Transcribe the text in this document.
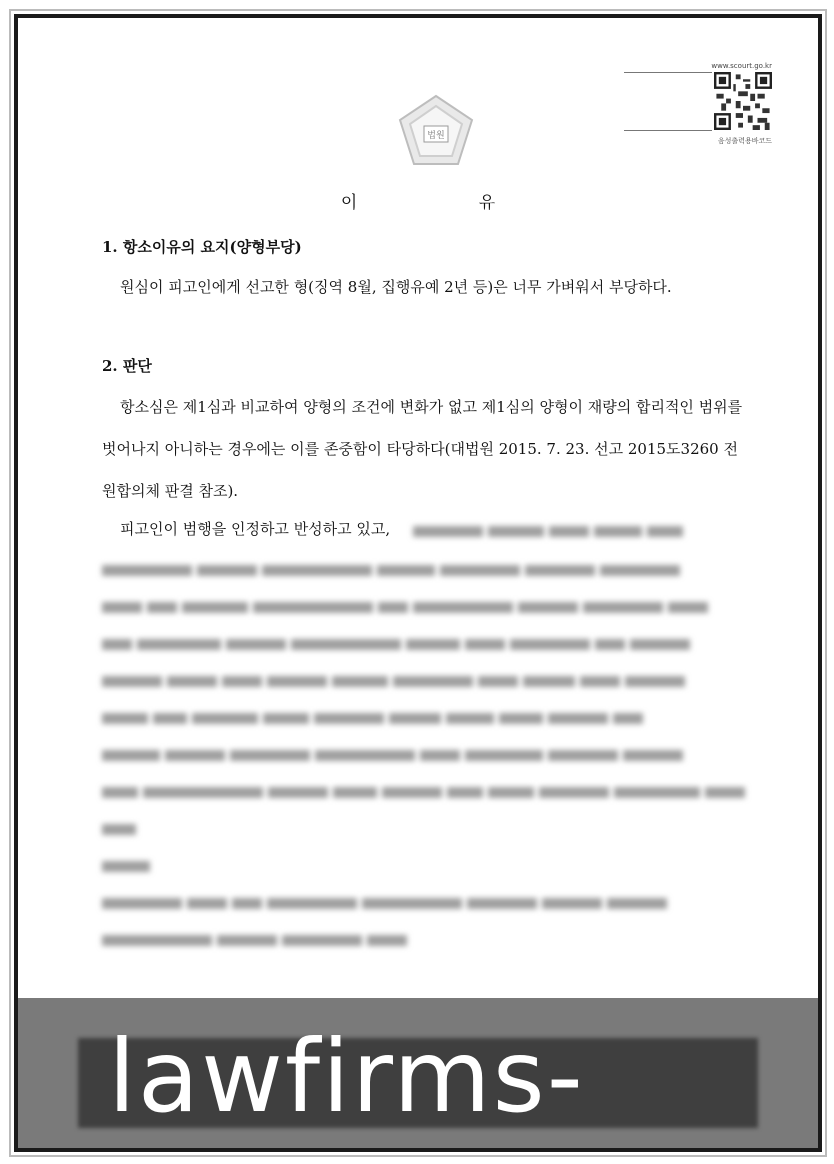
법원
www.scourt.go.kr
음성출력용바코드
이 유
1. 항소이유의 요지(양형부당)
원심이 피고인에게 선고한 형(징역 8월, 집행유예 2년 등)은 너무 가벼워서 부당하다.
2. 판단
항소심은 제1심과 비교하여 양형의 조건에 변화가 없고 제1심의 양형이 재량의 합리적인 범위를 벗어나지 아니하는 경우에는 이를 존중함이 타당하다(대법원 2015. 7. 23. 선고 2015도3260 전원합의체 판결 참조).
피고인이 범행을 인정하고 반성하고 있고,
lawfirms-
